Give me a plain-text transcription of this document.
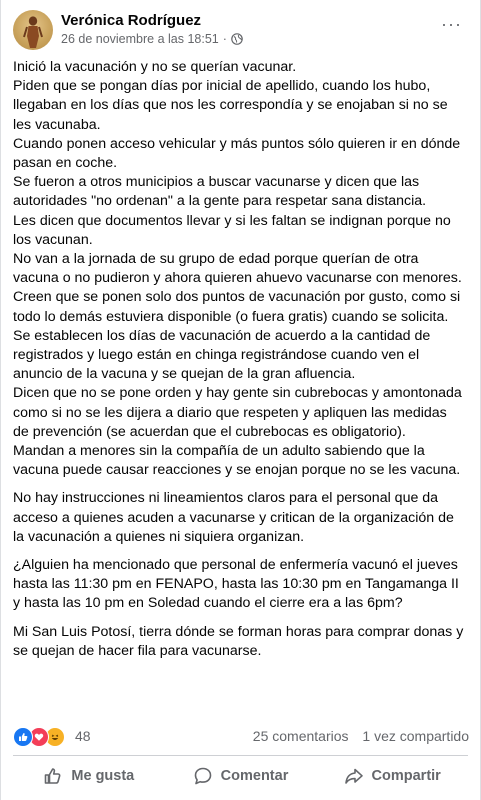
Verónica Rodríguez
26 de noviembre a las 18:51 ·
···

Inició la vacunación y no se querían vacunar.
Piden que se pongan días por inicial de apellido, cuando los hubo, llegaban en los días que nos les correspondía y se enojaban si no se les vacunaba.
Cuando ponen acceso vehicular y más puntos sólo quieren ir en dónde pasan en coche.
Se fueron a otros municipios a buscar vacunarse y dicen que las autoridades "no ordenan" a la gente para respetar sana distancia.
Les dicen que documentos llevar y si les faltan se indignan porque no los vacunan.
No van a la jornada de su grupo de edad porque querían de otra vacuna o no pudieron y ahora quieren ahuevo vacunarse con menores.
Creen que se ponen solo dos puntos de vacunación por gusto, como si todo lo demás estuviera disponible (o fuera gratis) cuando se solicita.
Se establecen los días de vacunación de acuerdo a la cantidad de registrados y luego están en chinga registrándose cuando ven el anuncio de la vacuna y se quejan de la gran afluencia.
Dicen que no se pone orden y hay gente sin cubrebocas y amontonada como si no se les dijera a diario que respeten y apliquen las medidas de prevención (se acuerdan que el cubrebocas es obligatorio).
Mandan a menores sin la compañía de un adulto sabiendo que la vacuna puede causar reacciones y se enojan porque no se les vacuna.

No hay instrucciones ni lineamientos claros para el personal que da acceso a quienes acuden a vacunarse y critican de la organización de la vacunación a quienes ni siquiera organizan.

¿Alguien ha mencionado que personal de enfermería vacunó el jueves hasta las 11:30 pm en FENAPO, hasta las 10:30 pm en Tangamanga II y hasta las 10 pm en Soledad cuando el cierre era a las 6pm?

Mi San Luis Potosí, tierra dónde se forman horas para comprar donas y se quejan de hacer fila para vacunarse.

48	25 comentarios 1 vez compartido
Me gusta	Comentar	Compartir
